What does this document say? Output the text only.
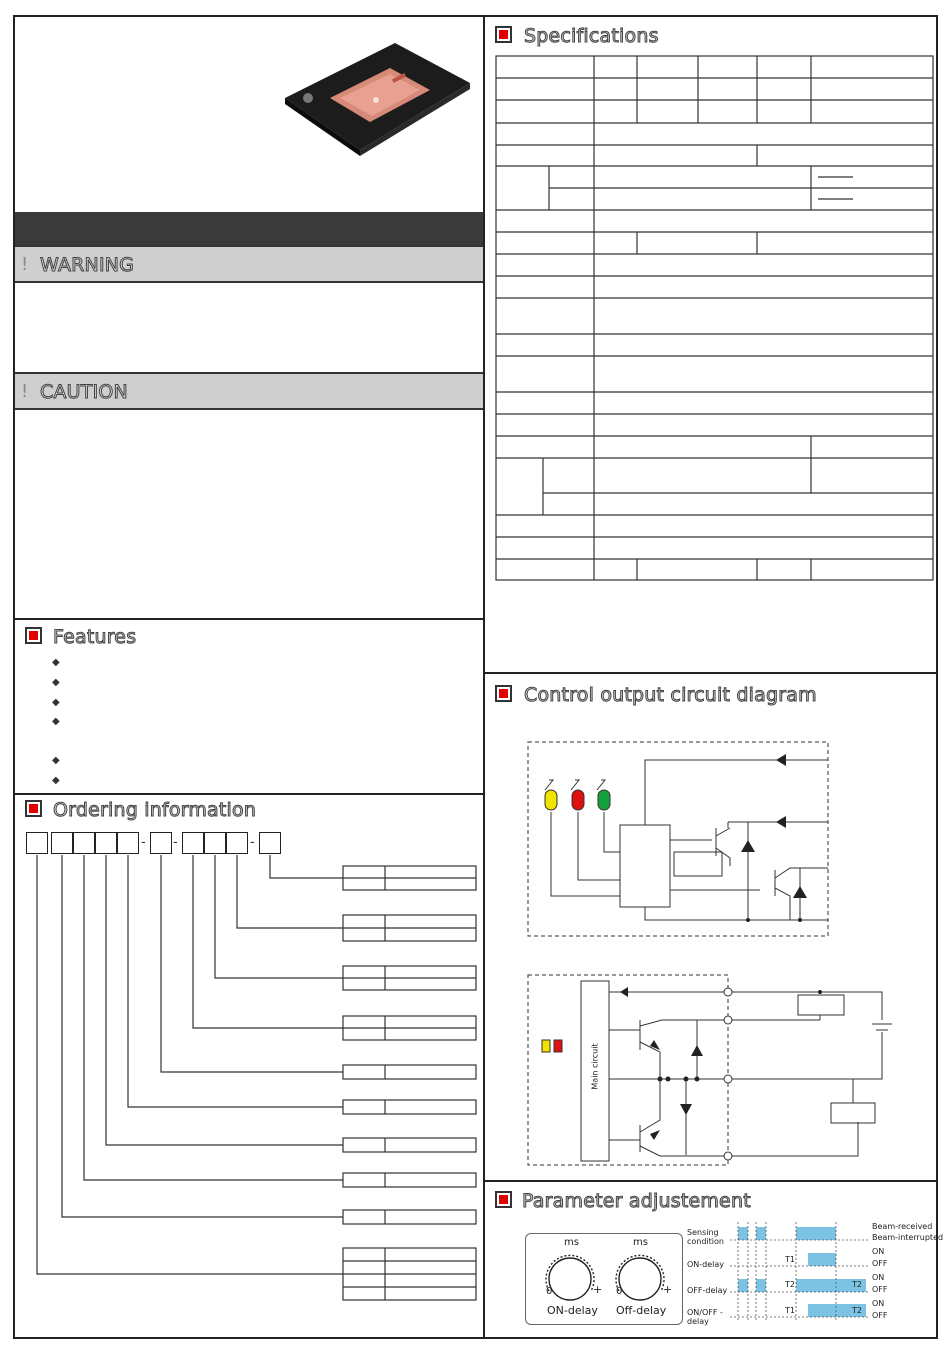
! WARNING
! CAUTION
Features
◆
◆
◆
◆
◆
◆
Ordering information
- -	-
Specifications
Control output circuit diagram
Main circuit
Parameter adjustement
ms	ms
0	+ 0	+
ON-delay Off-delay
Sensing condition
ON-delay
OFF-delay
ON/OFF -delay
T1
T2	T2
T1	T2
Beam-received
Beam-interrupted
ON
OFF
ON
OFF
ON
OFF
